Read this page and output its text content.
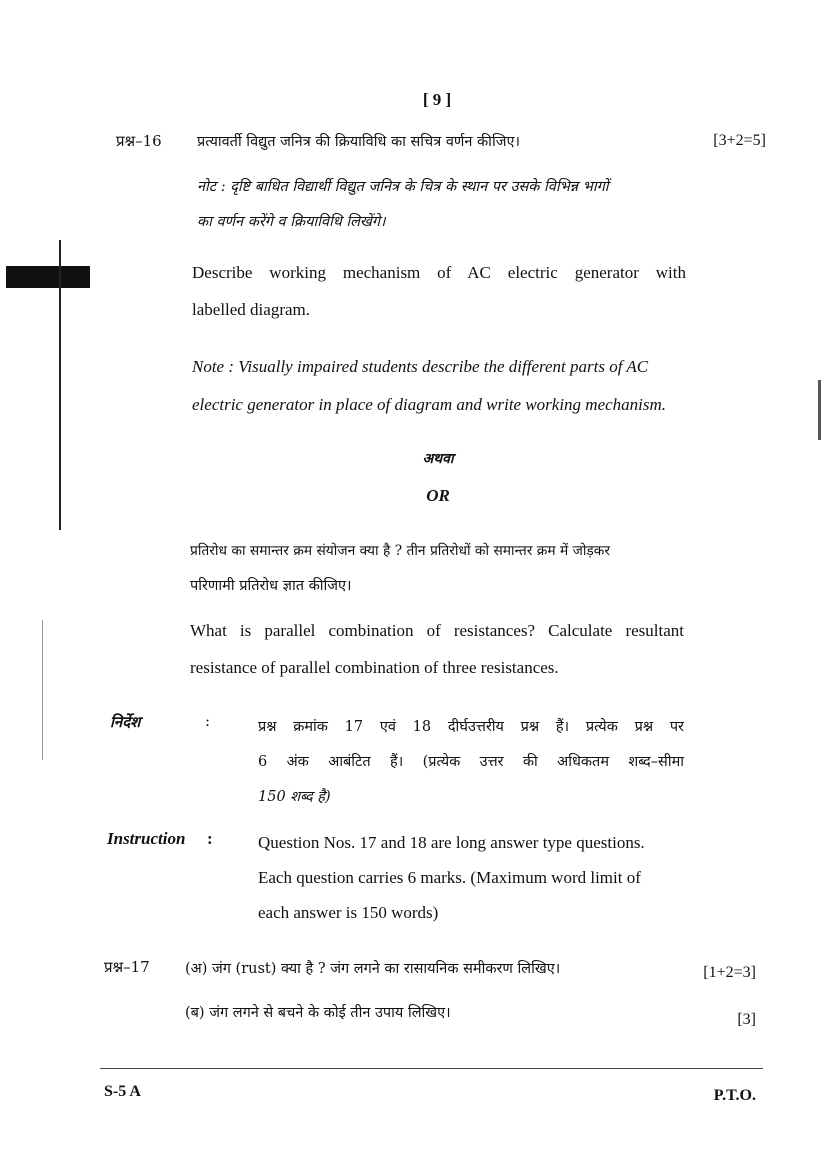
[ 9 ]
प्रश्न–16 प्रत्यावर्ती विद्युत जनित्र की क्रियाविधि का सचित्र वर्णन कीजिए।	[3+2=5]
नोट : दृष्टि बाधित विद्यार्थी विद्युत जनित्र के चित्र के स्थान पर उसके विभिन्न भागों
का वर्णन करेंगे व क्रियाविधि लिखेंगे।
Describe working mechanism of AC electric generator with
labelled diagram.
Note : Visually impaired students describe the different parts of AC
electric generator in place of diagram and write working mechanism.
अथवा
OR
प्रतिरोध का समान्तर क्रम संयोजन क्या है ? तीन प्रतिरोधों को समान्तर क्रम में जोड़कर
परिणामी प्रतिरोध ज्ञात कीजिए।
What is parallel combination of resistances? Calculate resultant
resistance of parallel combination of three resistances.
निर्देश	:	प्रश्न क्रमांक 17 एवं 18 दीर्घउत्तरीय प्रश्न हैं। प्रत्येक प्रश्न पर
6 अंक आबंटित हैं। (प्रत्येक उत्तर की अधिकतम शब्द–सीमा
150 शब्द है)
Instruction :	Question Nos. 17 and 18 are long answer type questions.
Each question carries 6 marks. (Maximum word limit of
each answer is 150 words)
प्रश्न–17 (अ) जंग (rust) क्या है ? जंग लगने का रासायनिक समीकरण लिखिए।	[1+2=3]
(ब) जंग लगने से बचने के कोई तीन उपाय लिखिए।	[3]
S-5 A	P.T.O.
